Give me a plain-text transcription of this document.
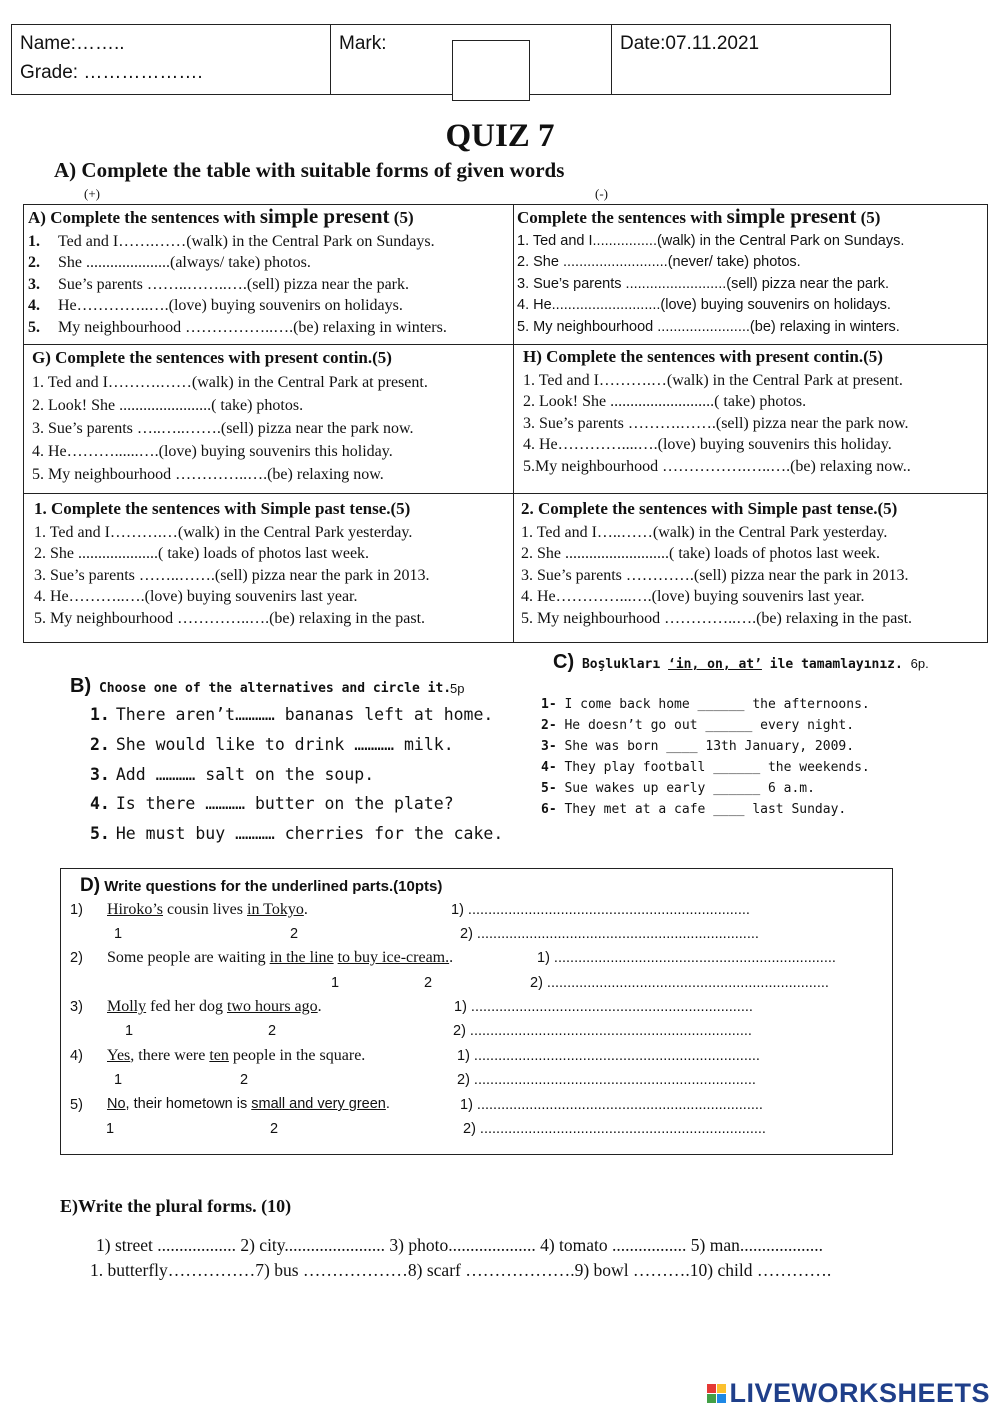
Name:……..
Grade: ……………….
Mark:	Date:07.11.2021
QUIZ 7
A) Complete the table with suitable forms of given words
(+)	(-)
A) Complete the sentences with simple present (5)
1. Ted and I…….……(walk) in the Central Park on Sundays.
2. She .....................(always/ take) photos.
3. Sue’s parents ……..……..….(sell) pizza near the park.
4. He…………..….(love) buying souvenirs on holidays.
5. My neighbourhood ……………..….(be) relaxing in winters.
Complete the sentences with simple present (5)
1. Ted and I................(walk) in the Central Park on Sundays.
2. She ..........................(never/ take) photos.
3. Sue’s parents .........................(sell) pizza near the park.
4. He...........................(love) buying souvenirs on holidays.
5. My neighbourhood .......................(be) relaxing in winters.
G) Complete the sentences with present contin.(5)
1. Ted and I……….……(walk) in the Central Park at present.
2. Look! She .......................( take) photos.
3. Sue’s parents …..…..…….(sell) pizza near the park now.
4. He………......….(love) buying souvenirs this holiday.
5. My neighbourhood …………..….(be) relaxing now.
H) Complete the sentences with present contin.(5)
1. Ted and I……….…(walk) in the Central Park at present.
2. Look! She ..........................( take) photos.
3. Sue’s parents ……….…….(sell) pizza near the park now.
4. He…………....….(love) buying souvenirs this holiday.
5.My neighbourhood …………….…..….(be) relaxing now..
1. Complete the sentences with Simple past tense.(5)
1. Ted and I……….…(walk) in the Central Park yesterday.
2. She ....................( take) loads of photos last week.
3. Sue’s parents ……..…….(sell) pizza near the park in 2013.
4. He………..….(love) buying souvenirs last year.
5. My neighbourhood …………..….(be) relaxing in the past.
2. Complete the sentences with Simple past tense.(5)
1. Ted and I…..……(walk) in the Central Park yesterday.
2. She ..........................( take) loads of photos last week.
3. Sue’s parents ………….(sell) pizza near the park in 2013.
4. He…………...….(love) buying souvenirs last year.
5. My neighbourhood …………..….(be) relaxing in the past.
B) Choose one of the alternatives and circle it.
5p
1. There aren’t………… bananas left at home.
2. She would like to drink ………… milk.
3. Add ………… salt on the soup.
4. Is there ………… butter on the plate?
5. He must buy ………… cherries for the cake.
C) Boşlukları ‘in, on, at’ ile tamamlayınız. 6p.
1- I come back home ______ the afternoons.
2- He doesn’t go out ______ every night.
3- She was born ____ 13th January, 2009.
4- They play football ______ the weekends.
5- Sue wakes up early ______ 6 a.m.
6- They met at a cafe ____ last Sunday.
D) Write questions for the underlined parts.(10pts)
1) Hiroko’s cousin lives in Tokyo.	1) ......................................................................
1	2	2) ......................................................................
2) Some people are waiting in the line to buy ice-cream..	1) ......................................................................
1	2	2) ......................................................................
3) Molly fed her dog two hours ago.	1) ......................................................................
1	2	2) ......................................................................
4) Yes, there were ten people in the square.	1) .......................................................................
1	2	2) ......................................................................
5) No, their hometown is small and very green.	1) .......................................................................
1	2	2) .......................................................................
E)Write the plural forms. (10)
1) street .................. 2) city....................... 3) photo.................... 4) tomato ................. 5) man...................
1. butterfly……………7) bus ………………8) scarf ……………….9) bowl ……….10) child ………….
LIVEWORKSHEETS
